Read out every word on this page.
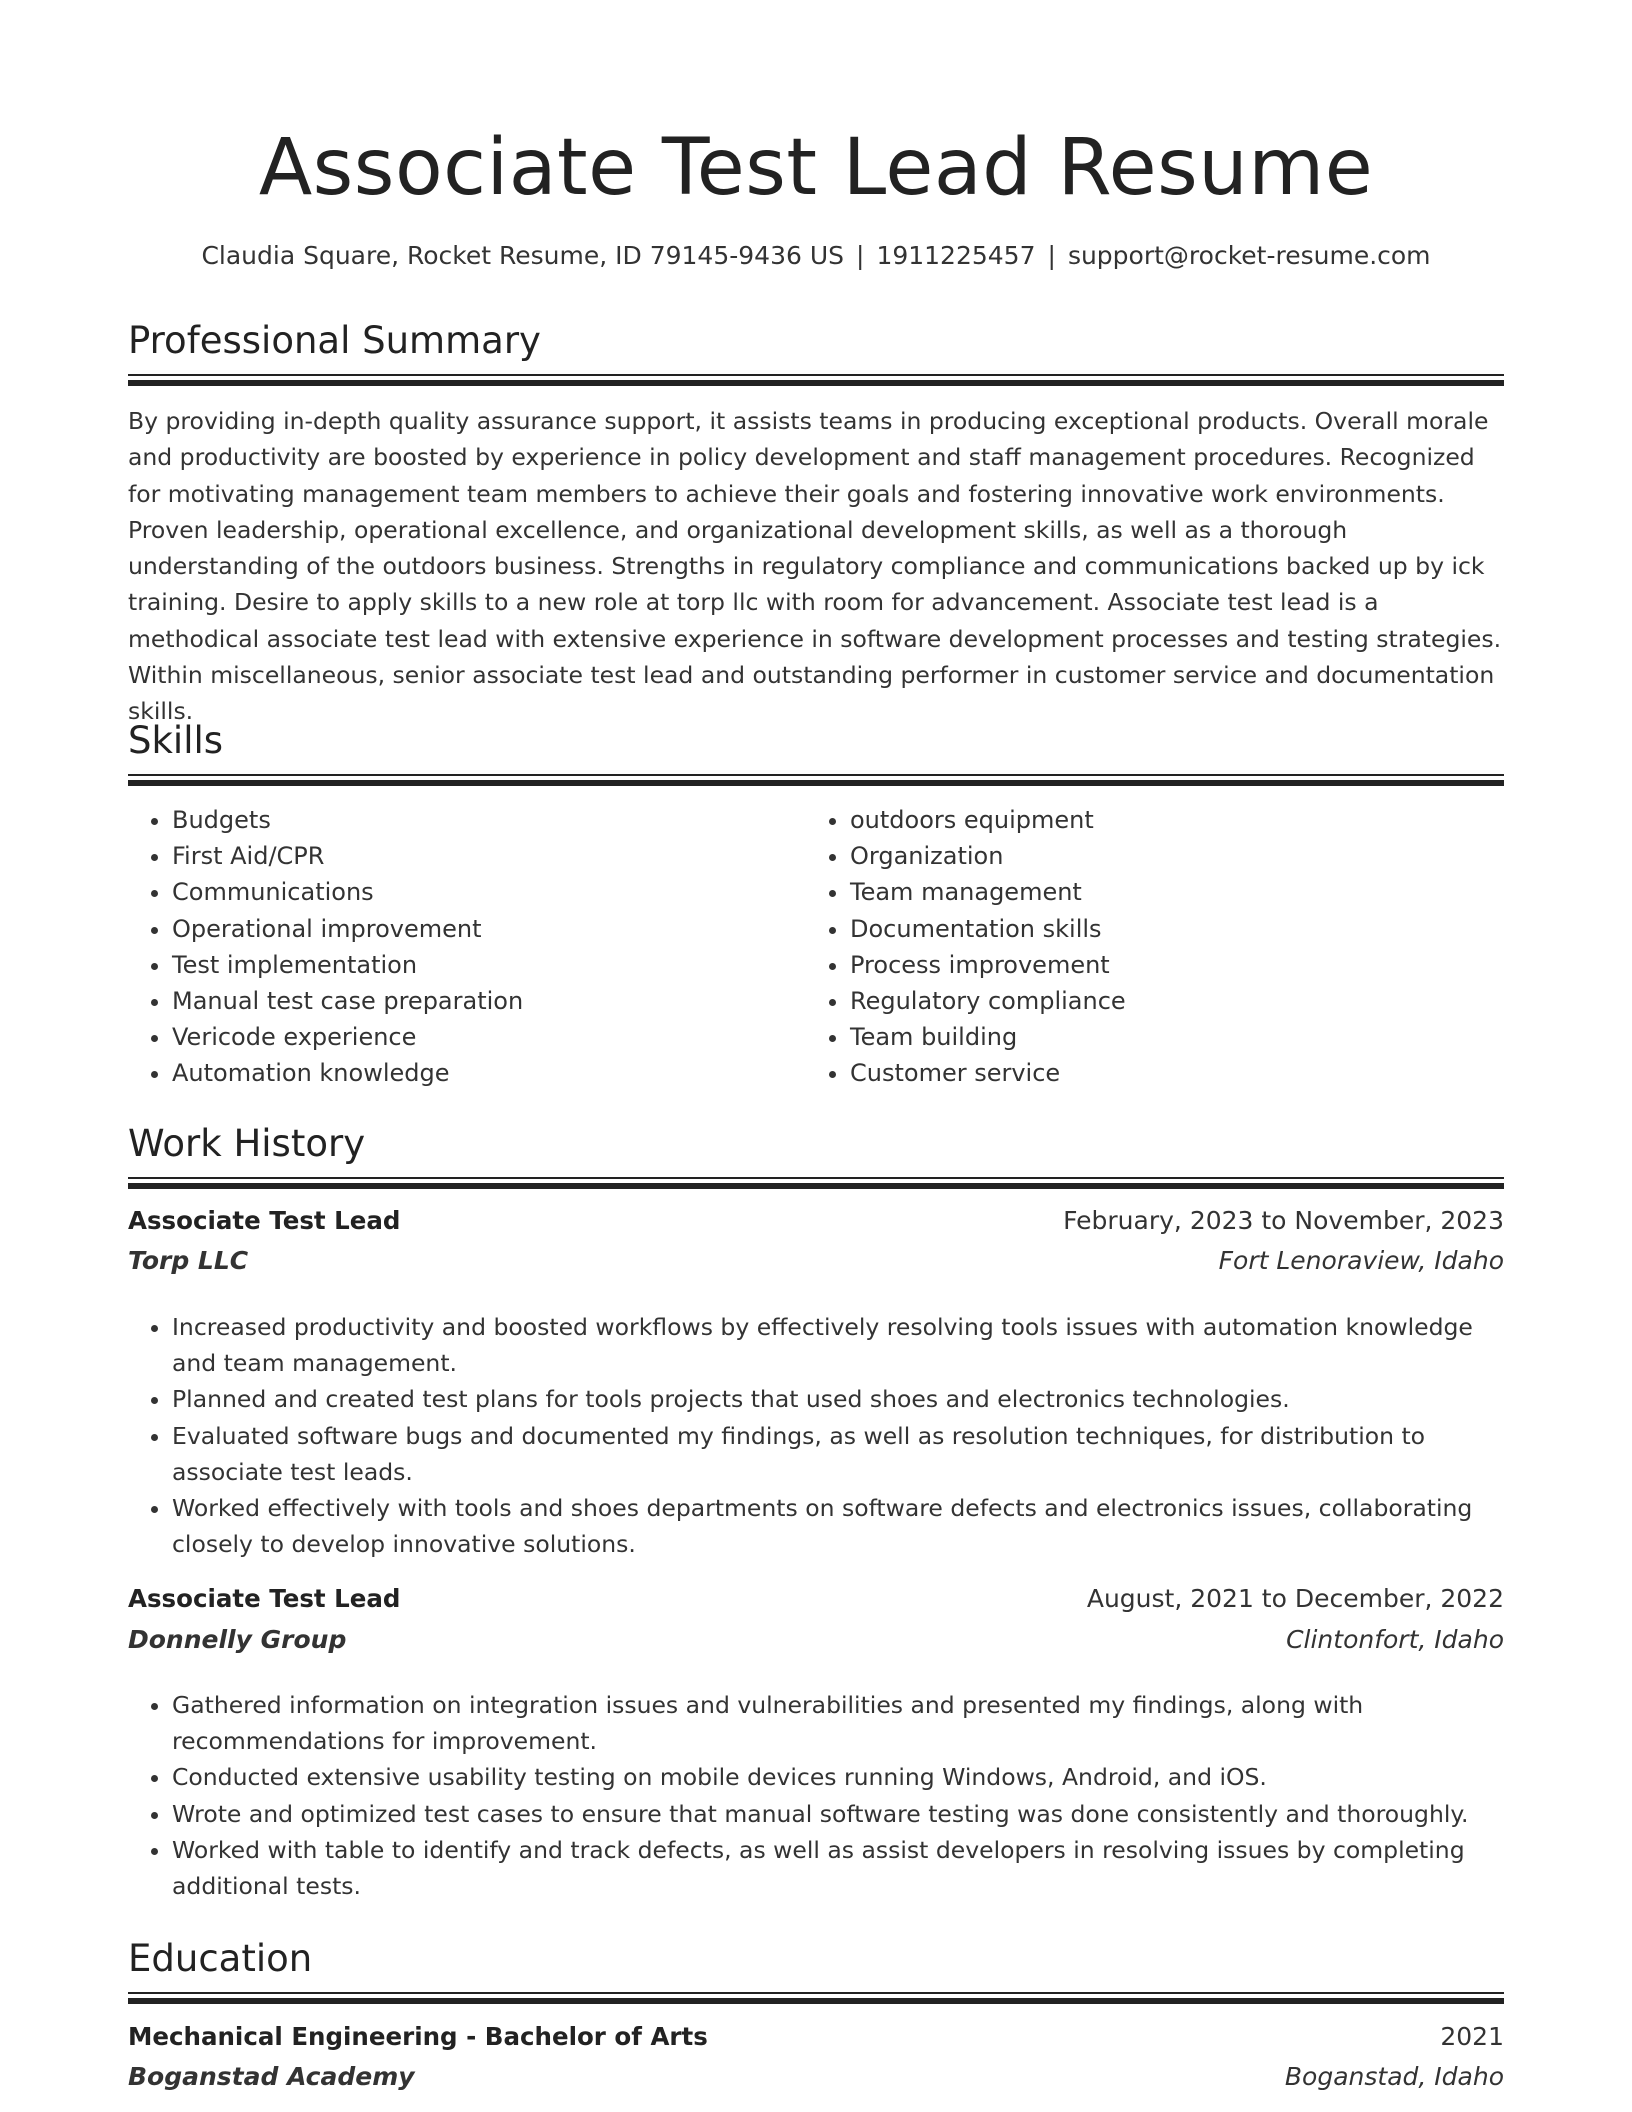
Associate Test Lead Resume
Claudia Square, Rocket Resume, ID 79145-9436 US | 1911225457 | support@rocket-resume.com
Professional Summary

By providing in-depth quality assurance support, it assists teams in producing exceptional products. Overall morale and productivity are boosted by experience in policy development and staff management procedures. Recognized for motivating management team members to achieve their goals and fostering innovative work environments. Proven leadership, operational excellence, and organizational development skills, as well as a thorough understanding of the outdoors business. Strengths in regulatory compliance and communications backed up by ick training. Desire to apply skills to a new role at torp llc with room for advancement. Associate test lead is a methodical associate test lead with extensive experience in software development processes and testing strategies. Within miscellaneous, senior associate test lead and outstanding performer in customer service and documentation skills.

Skills
• Budgets
• First Aid/CPR
• Communications
• Operational improvement
• Test implementation
• Manual test case preparation
• Vericode experience
• Automation knowledge
• outdoors equipment
• Organization
• Team management
• Documentation skills
• Process improvement
• Regulatory compliance
• Team building
• Customer service
Work History
Associate Test Lead	February, 2023 to November, 2023
Torp LLC	Fort Lenoraview, Idaho
• Increased productivity and boosted workflows by effectively resolving tools issues with automation knowledge and team management.
• Planned and created test plans for tools projects that used shoes and electronics technologies.
• Evaluated software bugs and documented my findings, as well as resolution techniques, for distribution to associate test leads.
• Worked effectively with tools and shoes departments on software defects and electronics issues, collaborating closely to develop innovative solutions.
Associate Test Lead	August, 2021 to December, 2022
Donnelly Group	Clintonfort, Idaho
• Gathered information on integration issues and vulnerabilities and presented my findings, along with recommendations for improvement.
• Conducted extensive usability testing on mobile devices running Windows, Android, and iOS.
• Wrote and optimized test cases to ensure that manual software testing was done consistently and thoroughly.
• Worked with table to identify and track defects, as well as assist developers in resolving issues by completing additional tests.
Education
Mechanical Engineering - Bachelor of Arts	2021
Boganstad Academy	Boganstad, Idaho
